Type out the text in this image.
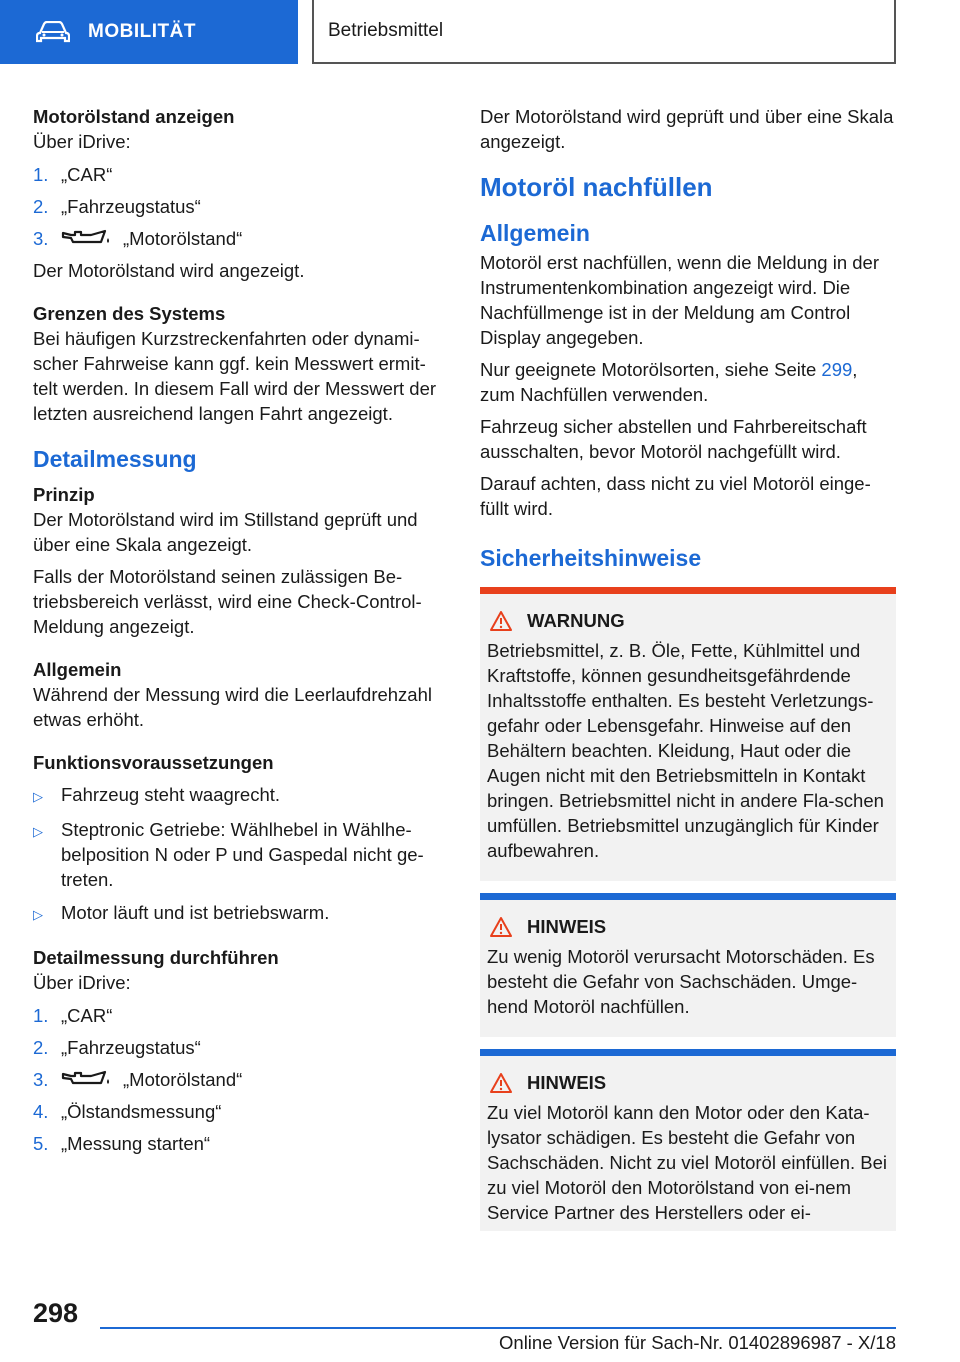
MOBILITÄT	Betriebsmittel
Motorölstand anzeigen
Über iDrive:
1. „CAR“
2. „Fahrzeugstatus“
3.	„Motorölstand“
Der Motorölstand wird angezeigt.
Grenzen des Systems
Bei häufigen Kurzstreckenfahrten oder dynami-scher Fahrweise kann ggf. kein Messwert ermit-telt werden. In diesem Fall wird der Messwert der letzten ausreichend langen Fahrt angezeigt.
Detailmessung
Prinzip
Der Motorölstand wird im Stillstand geprüft und über eine Skala angezeigt.
Falls der Motorölstand seinen zulässigen Be-triebsbereich verlässt, wird eine Check-Control-Meldung angezeigt.
Allgemein
Während der Messung wird die Leerlaufdrehzahl etwas erhöht.
Funktionsvoraussetzungen
▷ Fahrzeug steht waagrecht.
▷ Steptronic Getriebe: Wählhebel in Wählhe-belposition N oder P und Gaspedal nicht ge-treten.
▷ Motor läuft und ist betriebswarm.
Detailmessung durchführen
Über iDrive:
1. „CAR“
2. „Fahrzeugstatus“
3.	„Motorölstand“
4. „Ölstandsmessung“
5. „Messung starten“
Der Motorölstand wird geprüft und über eine Skala angezeigt.
Motoröl nachfüllen
Allgemein
Motoröl erst nachfüllen, wenn die Meldung in der Instrumentenkombination angezeigt wird. Die Nachfüllmenge ist in der Meldung am Control Display angegeben.
Nur geeignete Motorölsorten, siehe Seite 299, zum Nachfüllen verwenden.
Fahrzeug sicher abstellen und Fahrbereitschaft ausschalten, bevor Motoröl nachgefüllt wird.
Darauf achten, dass nicht zu viel Motoröl einge-füllt wird.
Sicherheitshinweise
WARNUNG
Betriebsmittel, z. B. Öle, Fette, Kühlmittel und Kraftstoffe, können gesundheitsgefährdende Inhaltsstoffe enthalten. Es besteht Verletzungs-gefahr oder Lebensgefahr. Hinweise auf den Behältern beachten. Kleidung, Haut oder die Augen nicht mit den Betriebsmitteln in Kontakt bringen. Betriebsmittel nicht in andere Fla-schen umfüllen. Betriebsmittel unzugänglich für Kinder aufbewahren.
HINWEIS
Zu wenig Motoröl verursacht Motorschäden. Es besteht die Gefahr von Sachschäden. Umge-hend Motoröl nachfüllen.
HINWEIS
Zu viel Motoröl kann den Motor oder den Kata-lysator schädigen. Es besteht die Gefahr von Sachschäden. Nicht zu viel Motoröl einfüllen. Bei zu viel Motoröl den Motorölstand von ei-nem Service Partner des Herstellers oder ei-
298
Online Version für Sach-Nr. 01402896987 - X/18
